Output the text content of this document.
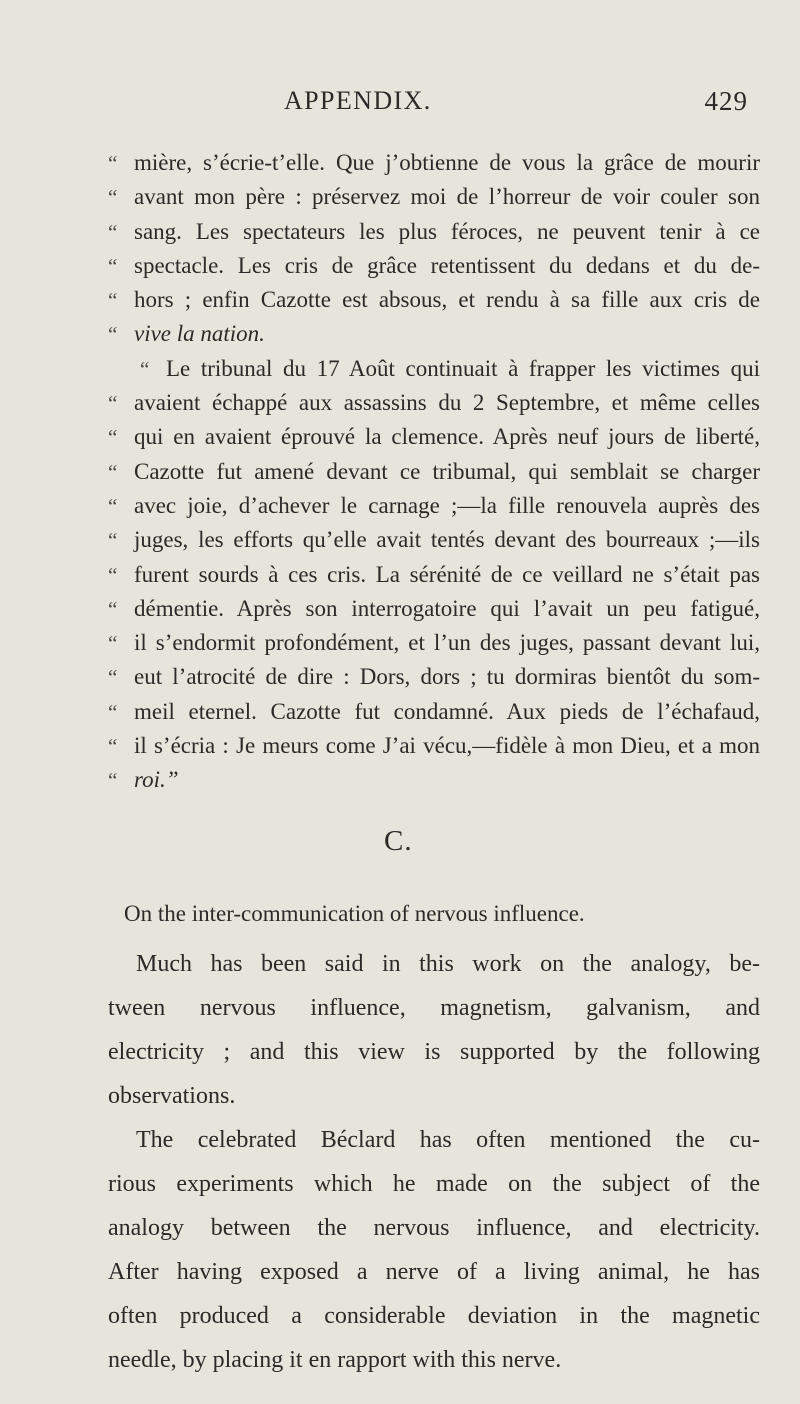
APPENDIX.	429
“ mière, s’écrie-t’elle. Que j’obtienne de vous la grâce de mourir
“ avant mon père : préservez moi de l’horreur de voir couler son
“ sang. Les spectateurs les plus féroces, ne peuvent tenir à ce
“ spectacle. Les cris de grâce retentissent du dedans et du de-
“ hors ; enfin Cazotte est absous, et rendu à sa fille aux cris de
“ vive la nation.
“ Le tribunal du 17 Août continuait à frapper les victimes qui
“ avaient échappé aux assassins du 2 Septembre, et même celles
“ qui en avaient éprouvé la clemence. Après neuf jours de liberté,
“ Cazotte fut amené devant ce tribumal, qui semblait se charger
“ avec joie, d’achever le carnage ;—la fille renouvela auprès des
“ juges, les efforts qu’elle avait tentés devant des bourreaux ;—ils
“ furent sourds à ces cris. La sérénité de ce veillard ne s’était pas
“ démentie. Après son interrogatoire qui l’avait un peu fatigué,
“ il s’endormit profondément, et l’un des juges, passant devant lui,
“ eut l’atrocité de dire : Dors, dors ; tu dormiras bientôt du som-
“ meil eternel. Cazotte fut condamné. Aux pieds de l’échafaud,
“ il s’écria : Je meurs come J’ai vécu,—fidèle à mon Dieu, et a mon
“ roi.”
C.
On the inter-communication of nervous influence.
Much has been said in this work on the analogy, be-
tween nervous influence, magnetism, galvanism, and
electricity ; and this view is supported by the following
observations.
The celebrated Béclard has often mentioned the cu-
rious experiments which he made on the subject of the
analogy between the nervous influence, and electricity.
After having exposed a nerve of a living animal, he has
often produced a considerable deviation in the magnetic
needle, by placing it en rapport with this nerve.
